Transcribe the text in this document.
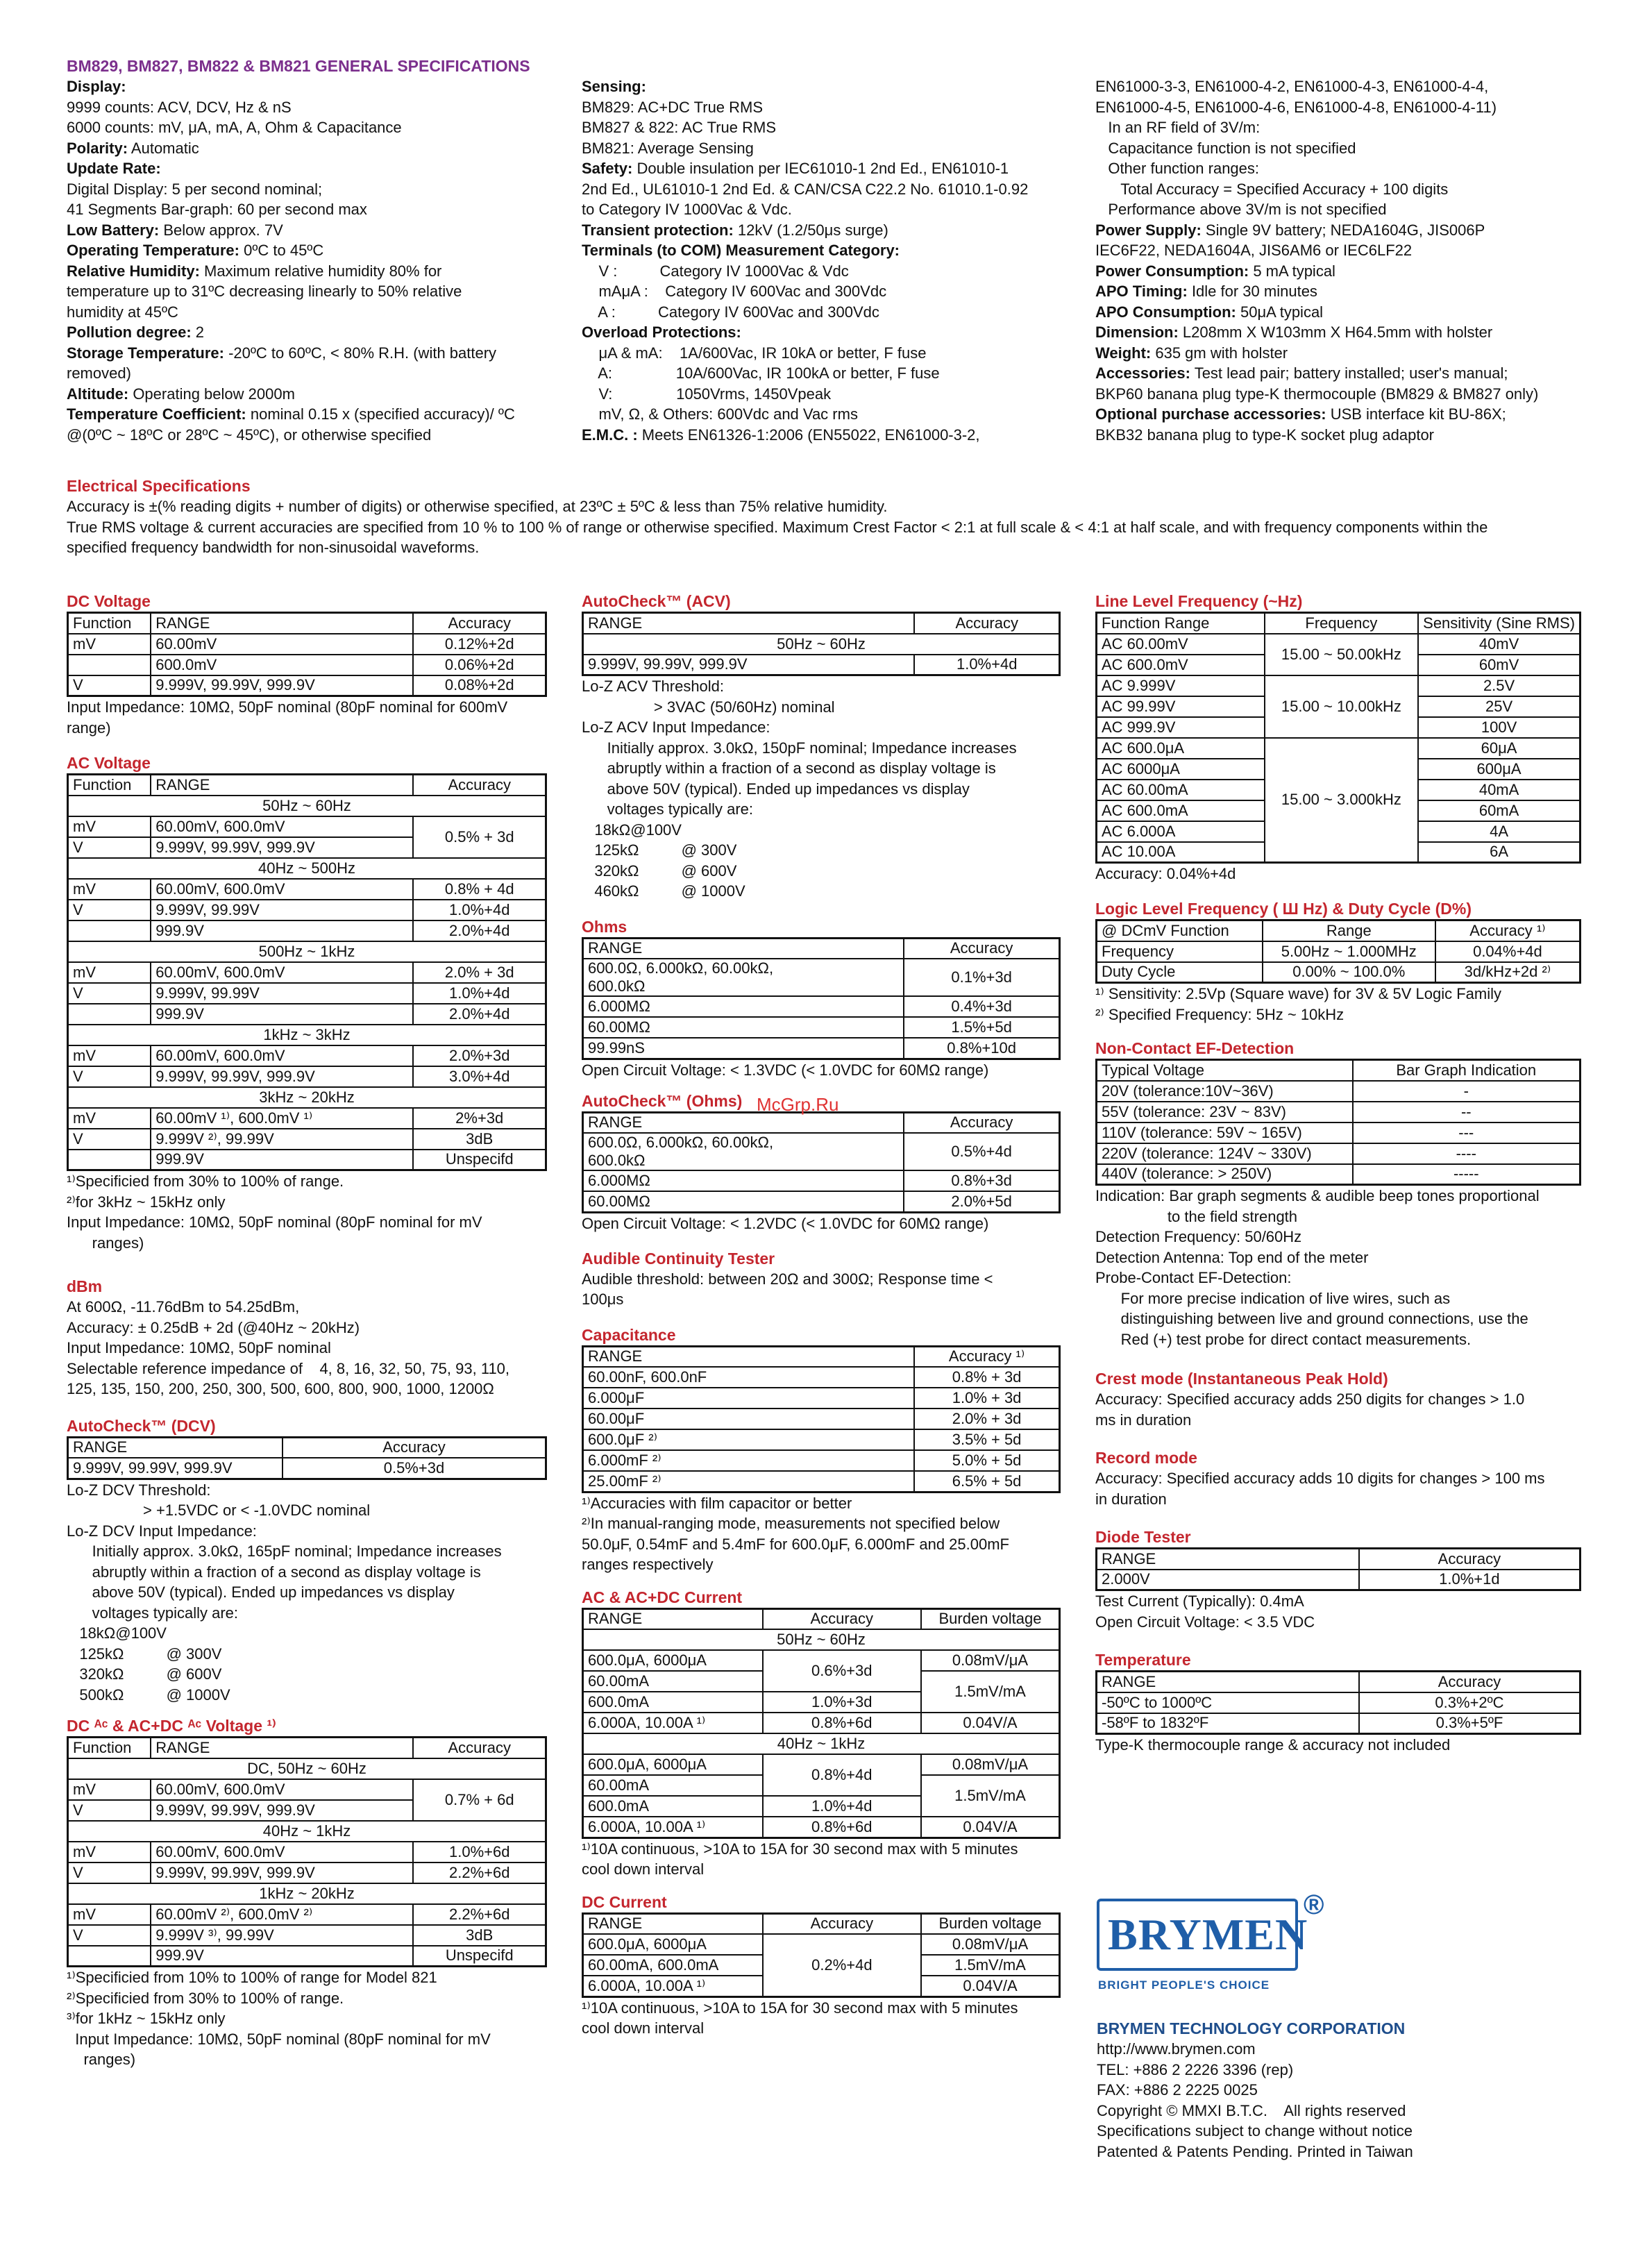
BM829, BM827, BM822 & BM821 GENERAL SPECIFICATIONS
Display:
9999 counts: ACV, DCV, Hz & nS
6000 counts: mV, μA, mA, A, Ohm & Capacitance
Polarity: Automatic
Update Rate:
Digital Display: 5 per second nominal;
41 Segments Bar-graph: 60 per second max
Low Battery: Below approx. 7V
Operating Temperature: 0ºC to 45ºC
Relative Humidity: Maximum relative humidity 80% for
temperature up to 31ºC decreasing linearly to 50% relative
humidity at 45ºC
Pollution degree: 2
Storage Temperature: -20ºC to 60ºC, < 80% R.H. (with battery
removed)
Altitude: Operating below 2000m
Temperature Coefficient: nominal 0.15 x (specified accuracy)/ ºC
@(0ºC ~ 18ºC or 28ºC ~ 45ºC), or otherwise specified
Sensing:
BM829: AC+DC True RMS
BM827 & 822: AC True RMS
BM821: Average Sensing
Safety: Double insulation per IEC61010-1 2nd Ed., EN61010-1
2nd Ed., UL61010-1 2nd Ed. & CAN/CSA C22.2 No. 61010.1-0.92
to Category IV 1000Vac & Vdc.
Transient protection: 12kV (1.2/50μs surge)
Terminals (to COM) Measurement Category:
V :          Category IV 1000Vac & Vdc
mAμA :    Category IV 600Vac and 300Vdc
A :          Category IV 600Vac and 300Vdc
Overload Protections:
μA & mA:    1A/600Vac, IR 10kA or better, F fuse
A:               10A/600Vac, IR 100kA or better, F fuse
V:               1050Vrms, 1450Vpeak
mV, Ω, & Others: 600Vdc and Vac rms
E.M.C. : Meets EN61326-1:2006 (EN55022, EN61000-3-2,
EN61000-3-3, EN61000-4-2, EN61000-4-3, EN61000-4-4,
EN61000-4-5, EN61000-4-6, EN61000-4-8, EN61000-4-11)
In an RF field of 3V/m:
Capacitance function is not specified
Other function ranges:
Total Accuracy = Specified Accuracy + 100 digits
Performance above 3V/m is not specified
Power Supply: Single 9V battery; NEDA1604G, JIS006P
IEC6F22, NEDA1604A, JIS6AM6 or IEC6LF22
Power Consumption: 5 mA typical
APO Timing: Idle for 30 minutes
APO Consumption: 50μA typical
Dimension: L208mm X W103mm X H64.5mm with holster
Weight: 635 gm with holster
Accessories: Test lead pair; battery installed; user's manual;
BKP60 banana plug type-K thermocouple (BM829 & BM827 only)
Optional purchase accessories: USB interface kit BU-86X;
BKB32 banana plug to type-K socket plug adaptor
Electrical Specifications
Accuracy is ±(% reading digits + number of digits) or otherwise specified, at 23ºC ± 5ºC & less than 75% relative humidity.
True RMS voltage & current accuracies are specified from 10 % to 100 % of range or otherwise specified. Maximum Crest Factor < 2:1 at full scale & < 4:1 at half scale, and with frequency components within the
specified frequency bandwidth for non-sinusoidal waveforms.
DC Voltage
Function	RANGE	Accuracy
mV	60.00mV	0.12%+2d
	600.0mV	0.06%+2d
V	9.999V, 99.99V, 999.9V	0.08%+2d
Input Impedance: 10MΩ, 50pF nominal (80pF nominal for 600mV
range)
AC Voltage
Function	RANGE	Accuracy
50Hz ~ 60Hz		
mV	60.00mV, 600.0mV	0.5% + 3d
V	9.999V, 99.99V, 999.9V	
40Hz ~ 500Hz		
mV	60.00mV, 600.0mV	0.8% + 4d
V	9.999V, 99.99V	1.0%+4d
	999.9V	2.0%+4d
500Hz ~ 1kHz		
mV	60.00mV, 600.0mV	2.0% + 3d
V	9.999V, 99.99V	1.0%+4d
	999.9V	2.0%+4d
1kHz ~ 3kHz		
mV	60.00mV, 600.0mV	2.0%+3d
V	9.999V, 99.99V, 999.9V	3.0%+4d
3kHz ~ 20kHz		
mV	60.00mV ¹⁾, 600.0mV ¹⁾	2%+3d
V	9.999V ²⁾, 99.99V	3dB
	999.9V	Unspecifd
¹⁾Specificied from 30% to 100% of range.
²⁾for 3kHz ~ 15kHz only
Input Impedance: 10MΩ, 50pF nominal (80pF nominal for mV
ranges)
dBm
At 600Ω, -11.76dBm to 54.25dBm,
Accuracy: ± 0.25dB + 2d (@40Hz ~ 20kHz)
Input Impedance: 10MΩ, 50pF nominal
Selectable reference impedance of    4, 8, 16, 32, 50, 75, 93, 110,
125, 135, 150, 200, 250, 300, 500, 600, 800, 900, 1000, 1200Ω
AutoCheck™ (DCV)
RANGE	Accuracy
9.999V, 99.99V, 999.9V	0.5%+3d
Lo-Z DCV Threshold:
> +1.5VDC or < -1.0VDC nominal
Lo-Z DCV Input Impedance:
Initially approx. 3.0kΩ, 165pF nominal; Impedance increases
abruptly within a fraction of a second as display voltage is
above 50V (typical). Ended up impedances vs display
voltages typically are:
18kΩ@100V
125kΩ          @ 300V
320kΩ          @ 600V
500kΩ          @ 1000V
DC ᴬᶜ & AC+DC ᴬᶜ Voltage ¹⁾
Function	RANGE	Accuracy
DC, 50Hz ~ 60Hz		
mV	60.00mV, 600.0mV	0.7% + 6d
V	9.999V, 99.99V, 999.9V	
40Hz ~ 1kHz		
mV	60.00mV, 600.0mV	1.0%+6d
V	9.999V, 99.99V, 999.9V	2.2%+6d
1kHz ~ 20kHz		
mV	60.00mV ²⁾, 600.0mV ²⁾	2.2%+6d
V	9.999V ³⁾, 99.99V	3dB
	999.9V	Unspecifd
¹⁾Specificied from 10% to 100% of range for Model 821
²⁾Specificied from 30% to 100% of range.
³⁾for 1kHz ~ 15kHz only
Input Impedance: 10MΩ, 50pF nominal (80pF nominal for mV
ranges)
AutoCheck™ (ACV)
RANGE	Accuracy
50Hz ~ 60Hz	
9.999V, 99.99V, 999.9V	1.0%+4d
Lo-Z ACV Threshold:
> 3VAC (50/60Hz) nominal
Lo-Z ACV Input Impedance:
Initially approx. 3.0kΩ, 150pF nominal; Impedance increases
abruptly within a fraction of a second as display voltage is
above 50V (typical). Ended up impedances vs display
voltages typically are:
18kΩ@100V
125kΩ          @ 300V
320kΩ          @ 600V
460kΩ          @ 1000V
Ohms
RANGE	Accuracy
600.0Ω, 6.000kΩ, 60.00kΩ,
600.0kΩ	0.1%+3d
6.000MΩ	0.4%+3d
60.00MΩ	1.5%+5d
99.99nS	0.8%+10d
Open Circuit Voltage: < 1.3VDC (< 1.0VDC for 60MΩ range)
AutoCheck™ (Ohms)
RANGE	Accuracy
600.0Ω, 6.000kΩ, 60.00kΩ,
600.0kΩ	0.5%+4d
6.000MΩ	0.8%+3d
60.00MΩ	2.0%+5d
Open Circuit Voltage: < 1.2VDC (< 1.0VDC for 60MΩ range)
Audible Continuity Tester
Audible threshold: between 20Ω and 300Ω; Response time <
100μs
Capacitance
RANGE	Accuracy ¹⁾
60.00nF, 600.0nF	0.8% + 3d
6.000μF	1.0% + 3d
60.00μF	2.0% + 3d
600.0μF ²⁾	3.5% + 5d
6.000mF ²⁾	5.0% + 5d
25.00mF ²⁾	6.5% + 5d
¹⁾Accuracies with film capacitor or better
²⁾In manual-ranging mode, measurements not specified below
50.0μF, 0.54mF and 5.4mF for 600.0μF, 6.000mF and 25.00mF
ranges respectively
AC & AC+DC Current
RANGE	Accuracy	Burden voltage
50Hz ~ 60Hz		
600.0μA, 6000μA	0.6%+3d	0.08mV/μA
60.00mA		1.5mV/mA
600.0mA	1.0%+3d	
6.000A, 10.00A ¹⁾	0.8%+6d	0.04V/A
40Hz ~ 1kHz		
600.0μA, 6000μA	0.8%+4d	0.08mV/μA
60.00mA		1.5mV/mA
600.0mA	1.0%+4d	
6.000A, 10.00A ¹⁾	0.8%+6d	0.04V/A
¹⁾10A continuous, >10A to 15A for 30 second max with 5 minutes
cool down interval
DC Current
RANGE	Accuracy	Burden voltage
600.0μA, 6000μA	0.2%+4d	0.08mV/μA
60.00mA, 600.0mA		1.5mV/mA
6.000A, 10.00A ¹⁾		0.04V/A
¹⁾10A continuous, >10A to 15A for 30 second max with 5 minutes
cool down interval
Line Level Frequency (~Hz)
Function Range	Frequency	Sensitivity (Sine RMS)
AC 60.00mV	15.00 ~ 50.00kHz	40mV
AC 600.0mV		60mV
AC 9.999V	15.00 ~ 10.00kHz	2.5V
AC 99.99V		25V
AC 999.9V		100V
AC 600.0μA	15.00 ~ 3.000kHz	60μA
AC 6000μA		600μA
AC 60.00mA		40mA
AC 600.0mA		60mA
AC 6.000A		4A
AC 10.00A		6A
Accuracy: 0.04%+4d
Logic Level Frequency ( Ш Hz) & Duty Cycle (D%)
@ DCmV Function	Range	Accuracy ¹⁾
Frequency	5.00Hz ~ 1.000MHz	0.04%+4d
Duty Cycle	0.00% ~ 100.0%	3d/kHz+2d ²⁾
¹⁾ Sensitivity: 2.5Vp (Square wave) for 3V & 5V Logic Family
²⁾ Specified Frequency: 5Hz ~ 10kHz
Non-Contact EF-Detection
Typical Voltage	Bar Graph Indication
20V (tolerance:10V~36V)	-
55V (tolerance: 23V ~ 83V)	--
110V (tolerance: 59V ~ 165V)	---
220V (tolerance: 124V ~ 330V)	----
440V (tolerance: > 250V)	-----
Indication: Bar graph segments & audible beep tones proportional
to the field strength
Detection Frequency: 50/60Hz
Detection Antenna: Top end of the meter
Probe-Contact EF-Detection:
For more precise indication of live wires, such as
distinguishing between live and ground connections, use the
Red (+) test probe for direct contact measurements.
Crest mode (Instantaneous Peak Hold)
Accuracy: Specified accuracy adds 250 digits for changes > 1.0
ms in duration
Record mode
Accuracy: Specified accuracy adds 10 digits for changes > 100 ms
in duration
Diode Tester
RANGE	Accuracy
2.000V	1.0%+1d
Test Current (Typically): 0.4mA
Open Circuit Voltage: < 3.5 VDC
Temperature
RANGE	Accuracy
-50ºC to 1000ºC	0.3%+2ºC
-58ºF to 1832ºF	0.3%+5ºF
Type-K thermocouple range & accuracy not included
BRYMEN
®
BRIGHT PEOPLE'S CHOICE
BRYMEN TECHNOLOGY CORPORATION
http://www.brymen.com
TEL: +886 2 2226 3396 (rep)
FAX: +886 2 2225 0025
Copyright © MMXI B.T.C.    All rights reserved
Specifications subject to change without notice
Patented & Patents Pending. Printed in Taiwan
McGrp.Ru
